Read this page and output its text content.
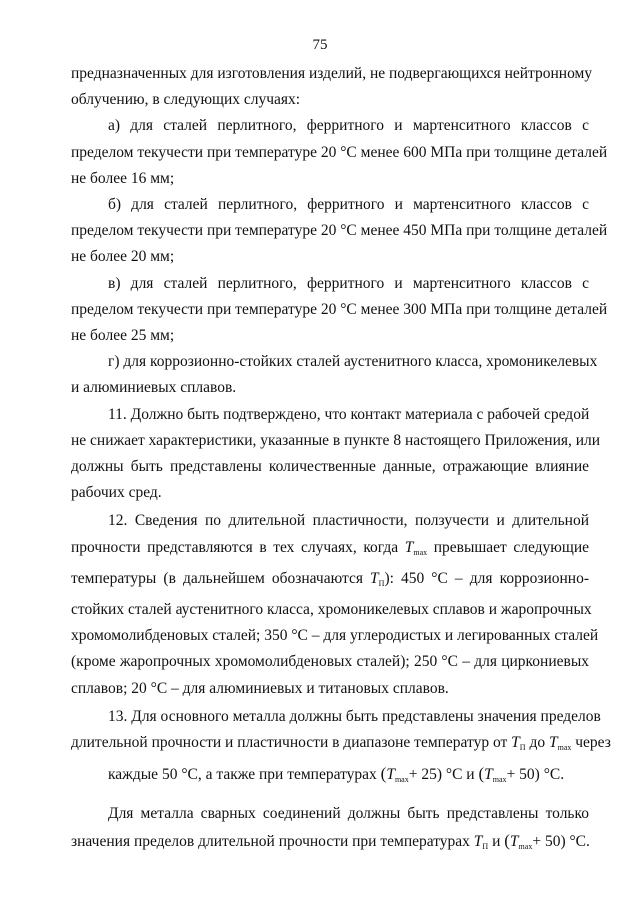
75

предназначенных для изготовления изделий, не подвергающихся нейтронному
облучению, в следующих случаях:

а) для сталей перлитного, ферритного и мартенситного классов с
пределом текучести при температуре 20 °С менее 600 МПа при толщине деталей
не более 16 мм;

б) для сталей перлитного, ферритного и мартенситного классов с
пределом текучести при температуре 20 °С менее 450 МПа при толщине деталей
не более 20 мм;

в) для сталей перлитного, ферритного и мартенситного классов с
пределом текучести при температуре 20 °С менее 300 МПа при толщине деталей
не более 25 мм;

г) для коррозионно-стойких сталей аустенитного класса, хромоникелевых
и алюминиевых сплавов.

11. Должно быть подтверждено, что контакт материала с рабочей средой
не снижает характеристики, указанные в пункте 8 настоящего Приложения, или
должны быть представлены количественные данные, отражающие влияние
рабочих сред.

12. Сведения по длительной пластичности, ползучести и длительной
прочности представляются в тех случаях, когда $T_{max}$ превышает следующие
температуры (в дальнейшем обозначаются $T_П$): 450 °С – для коррозионно-
стойких сталей аустенитного класса, хромоникелевых сплавов и жаропрочных
хромомолибденовых сталей; 350 °С – для углеродистых и легированных сталей
(кроме жаропрочных хромомолибденовых сталей); 250 °С – для циркониевых
сплавов; 20 °С – для алюминиевых и титановых сплавов.

13. Для основного металла должны быть представлены значения пределов
длительной прочности и пластичности в диапазоне температур от $T_П$ до $T_{max}$ через
каждые 50 °С, а также при температурах $(T_{max}+ 25)$ °С и $(T_{max}+ 50)$ °С.

Для металла сварных соединений должны быть представлены только
значения пределов длительной прочности при температурах $T_П$ и $(T_{max}+ 50)$ °С.
